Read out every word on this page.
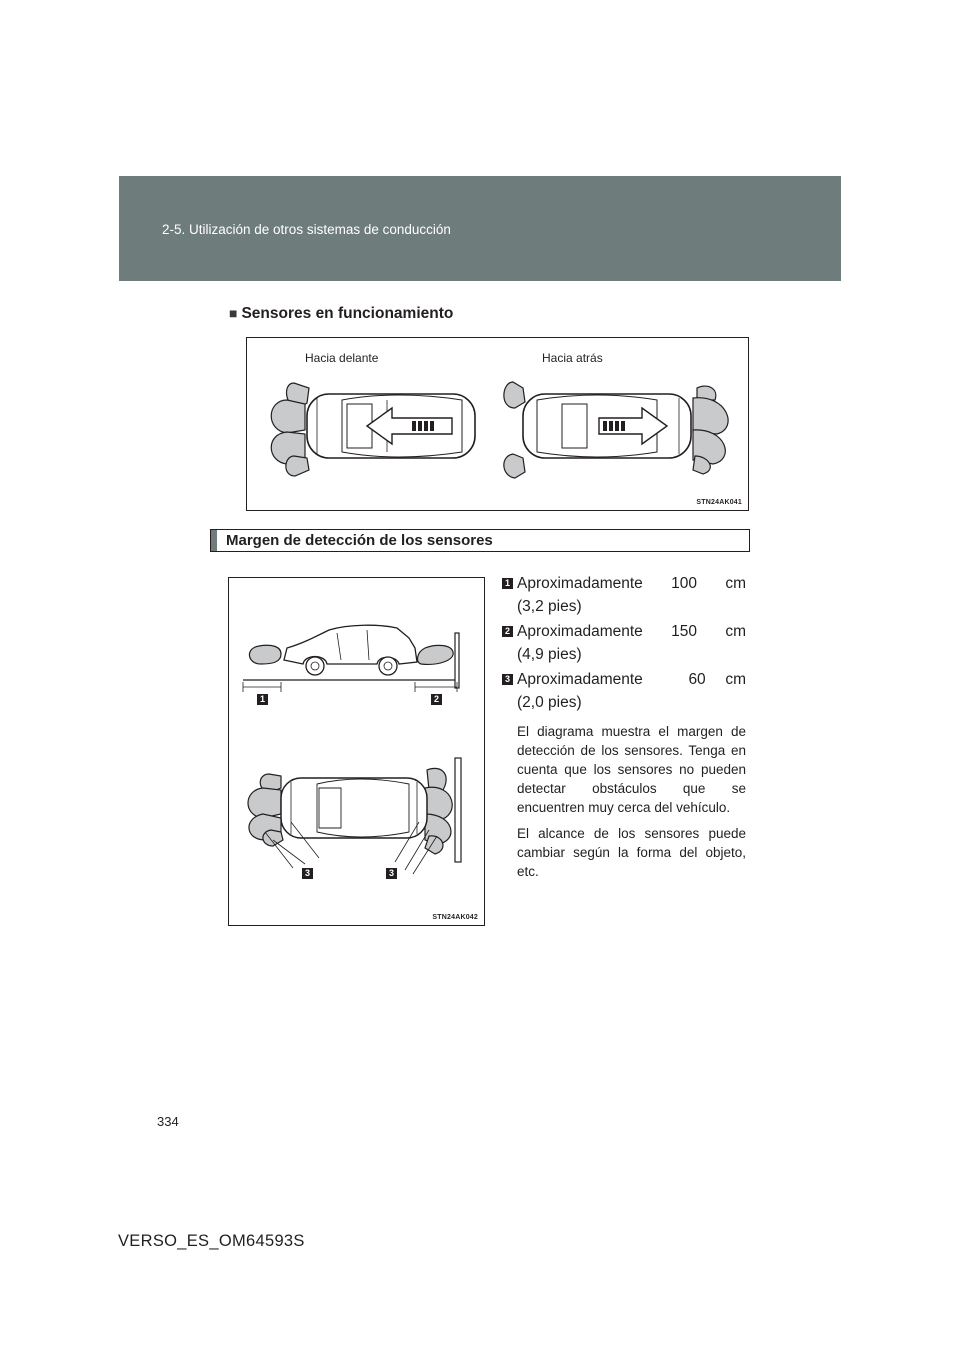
2-5. Utilización de otros sistemas de conducción
■ Sensores en funcionamiento
Hacia delante	Hacia atrás
STN24AK041
Margen de detección de los sensores
1	2
3	3
STN24AK042
1 Aproximadamente 100 cm
(3,2 pies)
2 Aproximadamente 150 cm
(4,9 pies)
3 Aproximadamente	60 cm
(2,0 pies)

El diagrama muestra el margen de detección de los sensores. Tenga en cuenta que los sensores no pueden detectar obstáculos que se encuentren muy cerca del vehículo.

El alcance de los sensores puede cambiar según la forma del objeto, etc.

334
VERSO_ES_OM64593S
